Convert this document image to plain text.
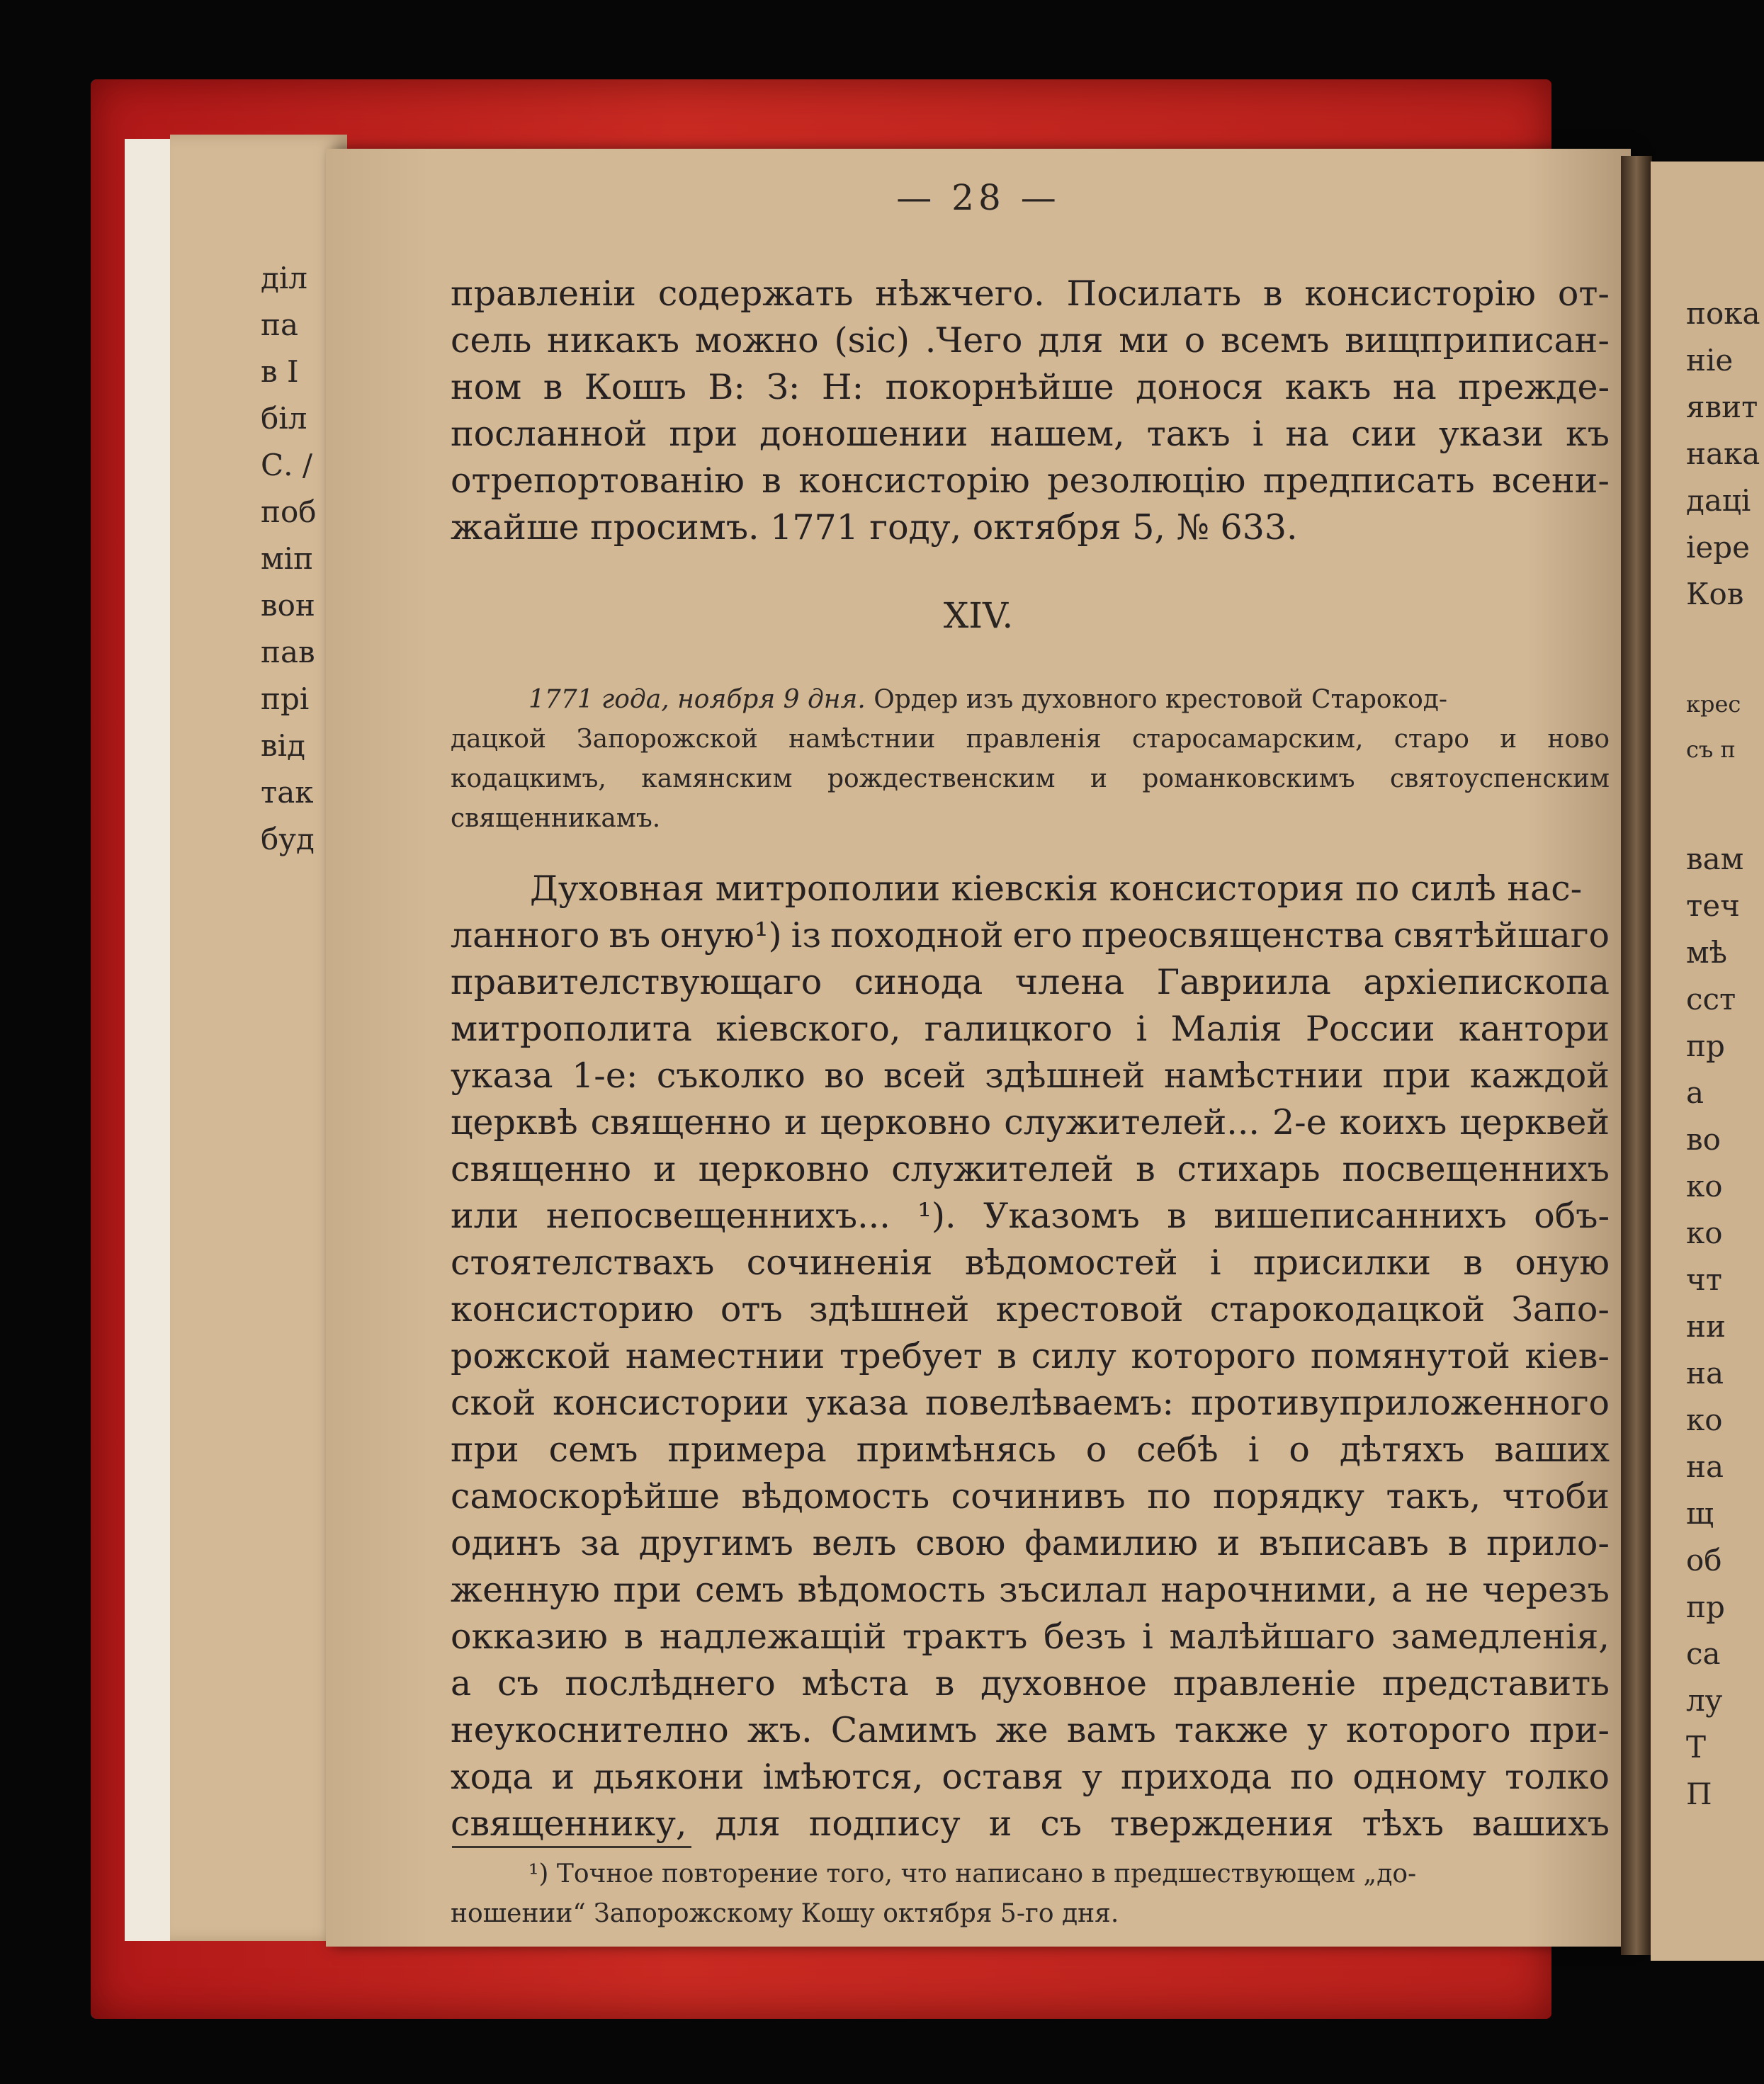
діл
па
в І
біл
С. /
поб
міп
вон
пав
прі
від
так
буд
пока
ніе
явит
нака
даці
іере
Ков
крес
съ п
вам
теч
мѣ
сст
пр
а
во
ко
ко
чт
ни
на
ко
на
щ
об
пр
са
лу
Т
П
— 28 —
правленіи содержать нѣжчего. Посилать в консисторію от-
сель никакъ можно (sic) .Чего для ми о всемъ вищприписан-
ном в Кошъ В: З: Н: покорнѣйше донося какъ на прежде-
посланной при доношении нашем, такъ і на сии укази къ
отрепортованію в консисторію резолюцію предписать всени-
жайше просимъ. 1771 году, октября 5, № 633.
XIV.
1771 года, ноября 9 дня. Ордер изъ духовного крестовой Старокод-
дацкой Запорожской намѣстнии правленія старосамарским, старо и ново
кодацкимъ, камянским рождественским и романковскимъ святоуспенским
священникамъ.
Духовная митрополии кіевскія консистория по силѣ нас-
ланного въ оную¹) із походной его преосвященства святѣйшаго
правителствующаго синода члена Гавриила архіепископа
митрополита кіевского, галицкого і Малія России кантори
указа 1-е: съколко во всей здѣшней намѣстнии при каждой
церквѣ священно и церковно служителей... 2-е коихъ церквей
священно и церковно служителей в стихарь посвещеннихъ
или непосвещеннихъ... ¹). Указомъ в вишеписаннихъ объ-
стоятелствахъ сочиненія вѣдомостей і присилки в оную
консисторию отъ здѣшней крестовой старокодацкой Запо-
рожской наместнии требует в силу которого помянутой кіев-
ской консистории указа повелѣваемъ: противуприложенного
при семъ примера примѣнясь о себѣ і о дѣтяхъ ваших
самоскорѣйше вѣдомость сочинивъ по порядку такъ, чтоби
одинъ за другимъ велъ свою фамилию и въписавъ в прило-
женную при семъ вѣдомость зъсилал нарочними, а не черезъ
оккaзию в надлежащій трактъ безъ і малѣйшаго замедленія,
а съ послѣднего мѣста в духовное правленіе представить
неукоснително жъ. Самимъ же вамъ также у которого при-
хода и дьякони імѣются, оставя у прихода по одному толко
священнику, для подпису и съ тверждения тѣхъ вашихъ
¹) Точное повторение того, что написано в предшествующем „до-
ношении“ Запорожскому Кошу октября 5-го дня.
